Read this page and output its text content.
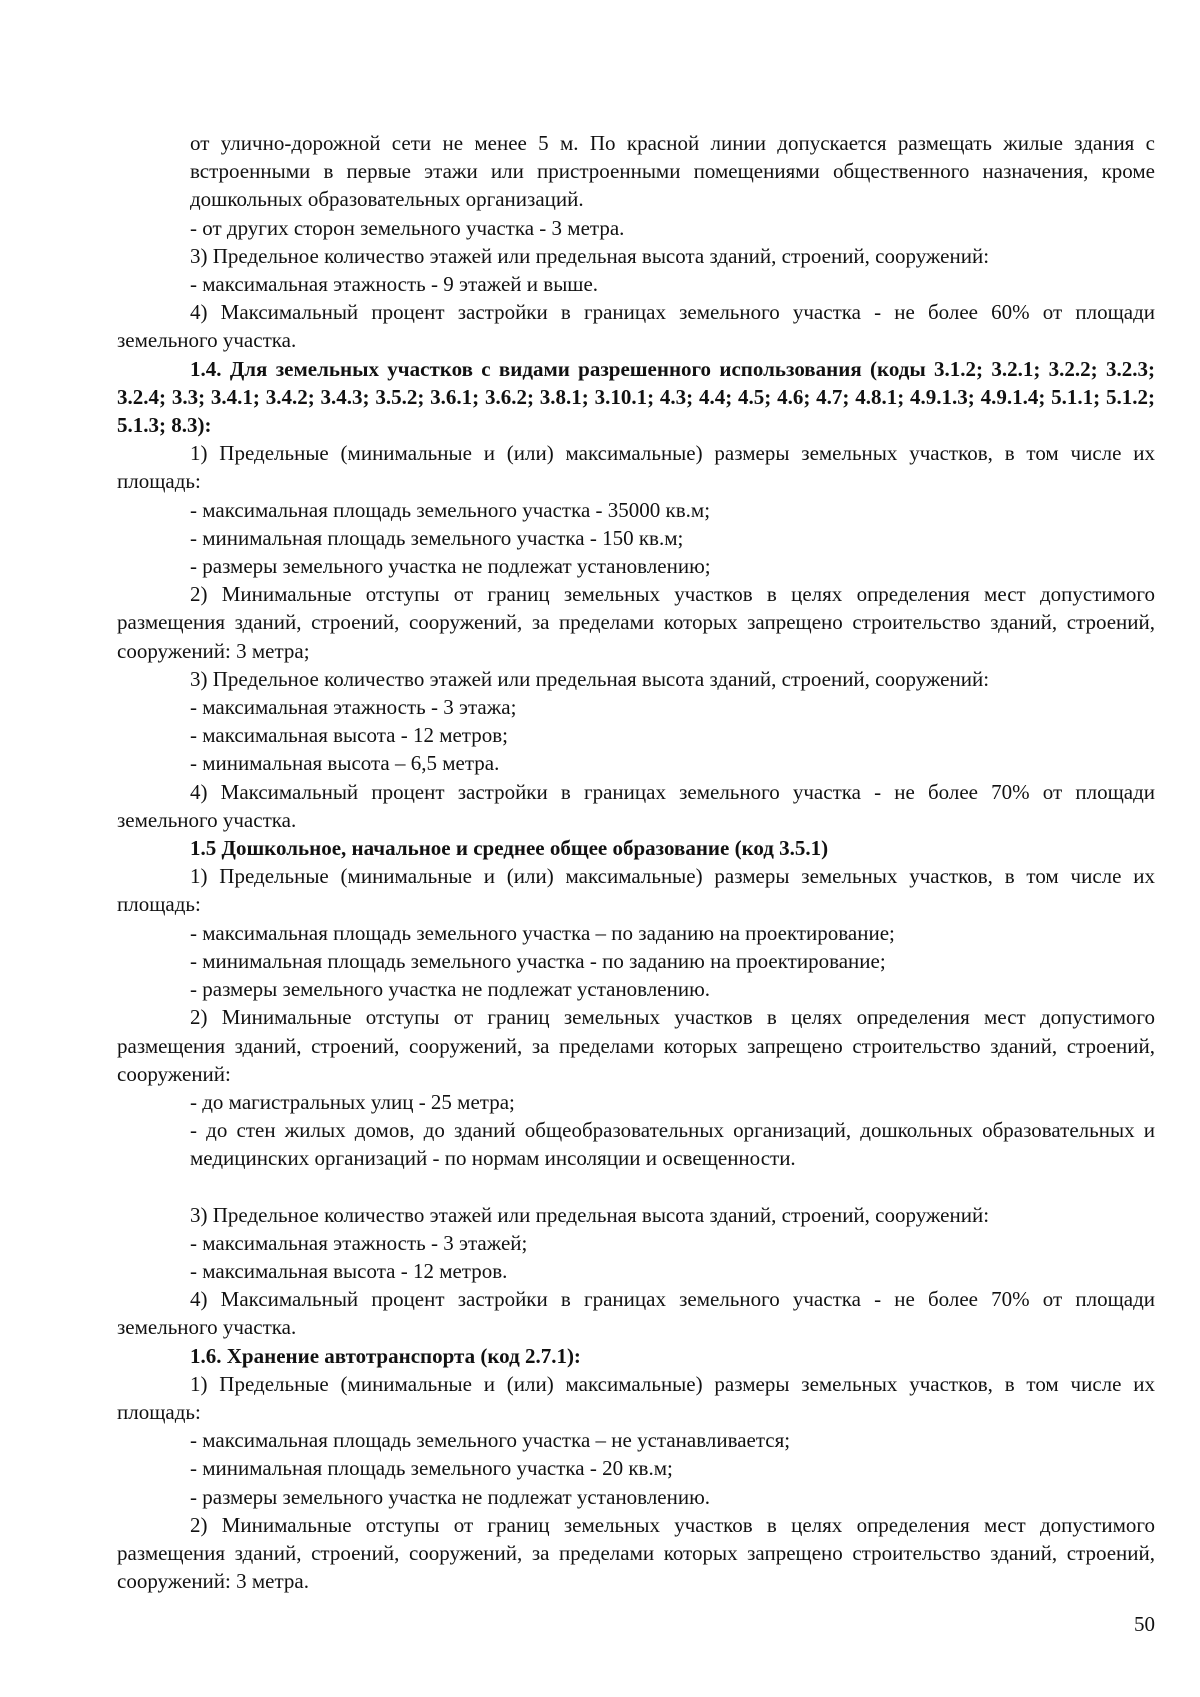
от улично-дорожной сети не менее 5 м. По красной линии допускается размещать жилые здания с встроенными в первые этажи или пристроенными помещениями общественного назначения, кроме дошкольных образовательных организаций.

- от других сторон земельного участка - 3 метра.

3) Предельное количество этажей или предельная высота зданий, строений, сооружений:

- максимальная этажность - 9 этажей и выше.

4) Максимальный процент застройки в границах земельного участка - не более 60% от площади земельного участка.

1.4. Для земельных участков с видами разрешенного использования (коды 3.1.2; 3.2.1; 3.2.2; 3.2.3; 3.2.4; 3.3; 3.4.1; 3.4.2; 3.4.3; 3.5.2; 3.6.1; 3.6.2; 3.8.1; 3.10.1; 4.3; 4.4; 4.5; 4.6; 4.7; 4.8.1; 4.9.1.3; 4.9.1.4; 5.1.1; 5.1.2; 5.1.3; 8.3):

1) Предельные (минимальные и (или) максимальные) размеры земельных участков, в том числе их площадь:

- максимальная площадь земельного участка - 35000 кв.м;

- минимальная площадь земельного участка - 150 кв.м;

- размеры земельного участка не подлежат установлению;

2) Минимальные отступы от границ земельных участков в целях определения мест допустимого размещения зданий, строений, сооружений, за пределами которых запрещено строительство зданий, строений, сооружений: 3 метра;

3) Предельное количество этажей или предельная высота зданий, строений, сооружений:

- максимальная этажность - 3 этажа;

- максимальная высота - 12 метров;

- минимальная высота – 6,5 метра.

4) Максимальный процент застройки в границах земельного участка - не более 70% от площади земельного участка.

1.5 Дошкольное, начальное и среднее общее образование (код 3.5.1)

1) Предельные (минимальные и (или) максимальные) размеры земельных участков, в том числе их площадь:

- максимальная площадь земельного участка – по заданию на проектирование;

- минимальная площадь земельного участка - по заданию на проектирование;

- размеры земельного участка не подлежат установлению.

2) Минимальные отступы от границ земельных участков в целях определения мест допустимого размещения зданий, строений, сооружений, за пределами которых запрещено строительство зданий, строений, сооружений:

- до магистральных улиц - 25 метра;

- до стен жилых домов, до зданий общеобразовательных организаций, дошкольных образовательных и медицинских организаций - по нормам инсоляции и освещенности.

3) Предельное количество этажей или предельная высота зданий, строений, сооружений:

- максимальная этажность - 3 этажей;

- максимальная высота - 12 метров.

4) Максимальный процент застройки в границах земельного участка - не более 70% от площади земельного участка.

1.6. Хранение автотранспорта (код 2.7.1):

1) Предельные (минимальные и (или) максимальные) размеры земельных участков, в том числе их площадь:

- максимальная площадь земельного участка – не устанавливается;

- минимальная площадь земельного участка - 20 кв.м;

- размеры земельного участка не подлежат установлению.

2) Минимальные отступы от границ земельных участков в целях определения мест допустимого размещения зданий, строений, сооружений, за пределами которых запрещено строительство зданий, строений, сооружений: 3 метра.

50
